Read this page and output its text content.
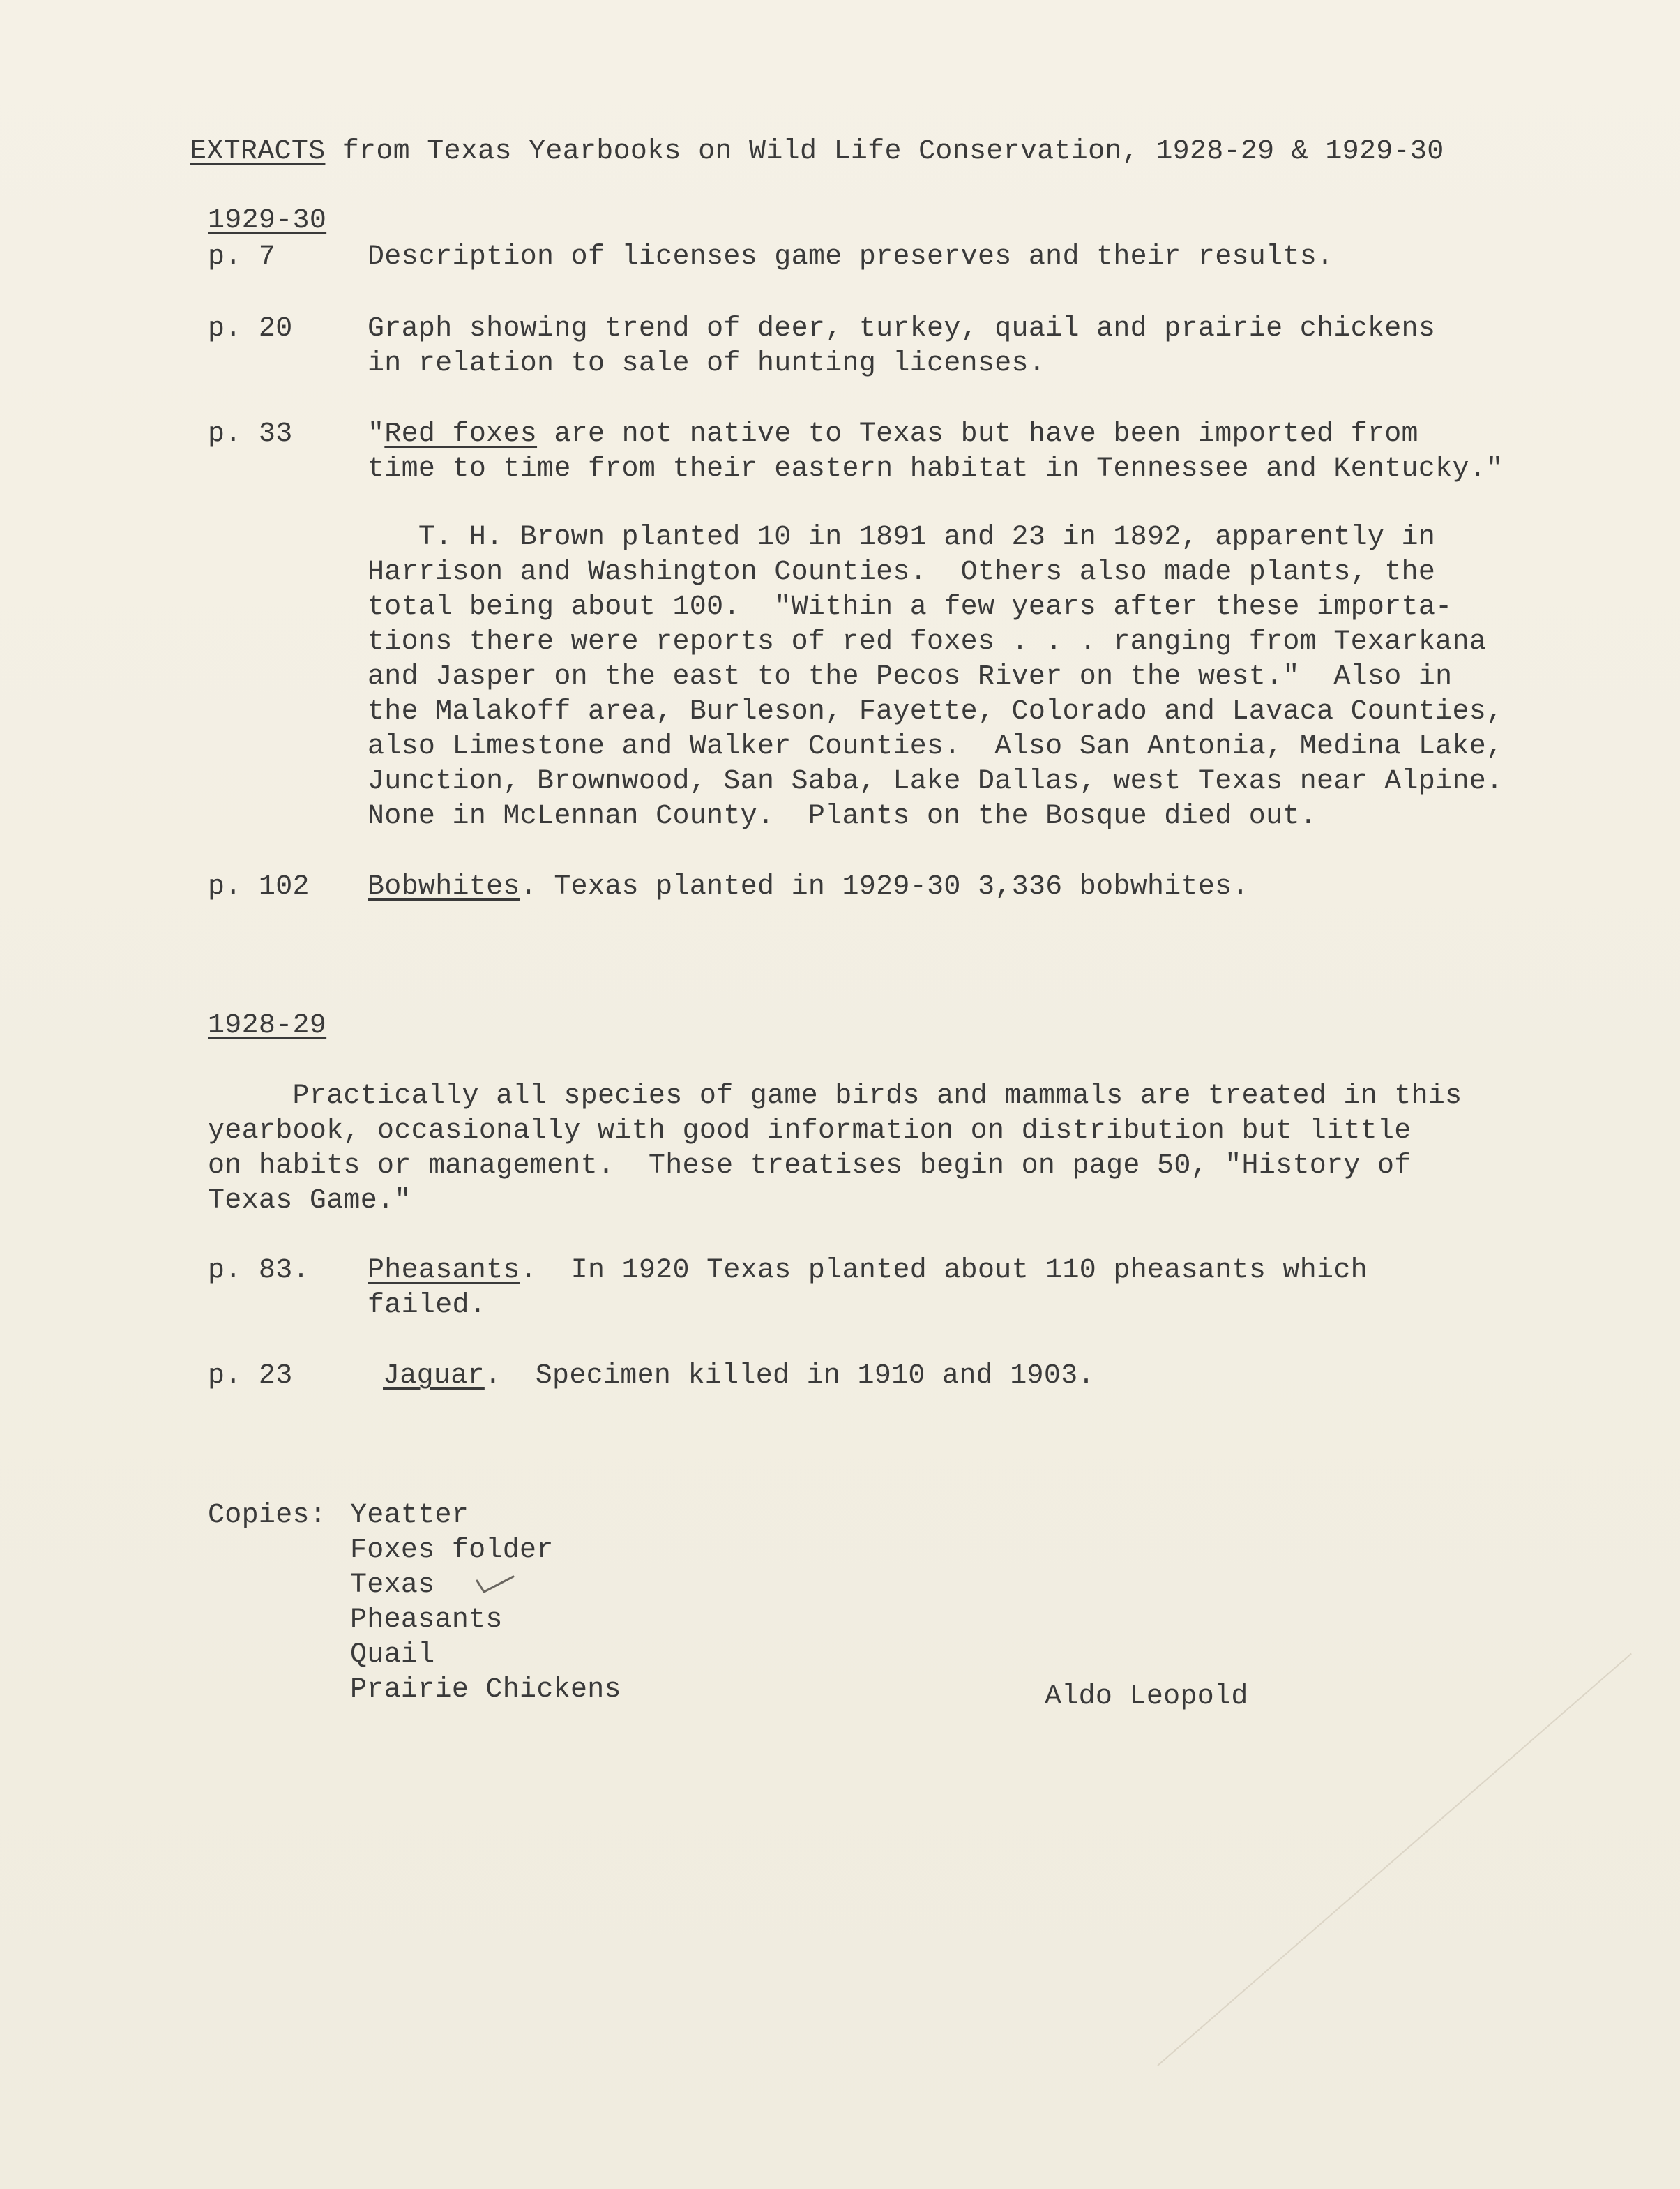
EXTRACTS from Texas Yearbooks on Wild Life Conservation, 1928-29 & 1929-30
1929-30
p. 7	Description of licenses game preserves and their results.
p. 20	Graph showing trend of deer, turkey, quail and prairie chickens
in relation to sale of hunting licenses.
p. 33	"Red foxes are not native to Texas but have been imported from
time to time from their eastern habitat in Tennessee and Kentucky."
T. H. Brown planted 10 in 1891 and 23 in 1892, apparently in
Harrison and Washington Counties.  Others also made plants, the
total being about 100.  "Within a few years after these importa-
tions there were reports of red foxes . . . ranging from Texarkana
and Jasper on the east to the Pecos River on the west."  Also in
the Malakoff area, Burleson, Fayette, Colorado and Lavaca Counties,
also Limestone and Walker Counties.  Also San Antonia, Medina Lake,
Junction, Brownwood, San Saba, Lake Dallas, west Texas near Alpine.
None in McLennan County.  Plants on the Bosque died out.
p. 102 Bobwhites. Texas planted in 1929-30 3,336 bobwhites.
1928-29
Practically all species of game birds and mammals are treated in this
yearbook, occasionally with good information on distribution but little
on habits or management.  These treatises begin on page 50, "History of
Texas Game."
p. 83. Pheasants.  In 1920 Texas planted about 110 pheasants which
failed.
p. 23	Jaguar.  Specimen killed in 1910 and 1903.
Copies: Yeatter
Foxes folder
Texas
Pheasants
Quail
Prairie Chickens	Aldo Leopold
